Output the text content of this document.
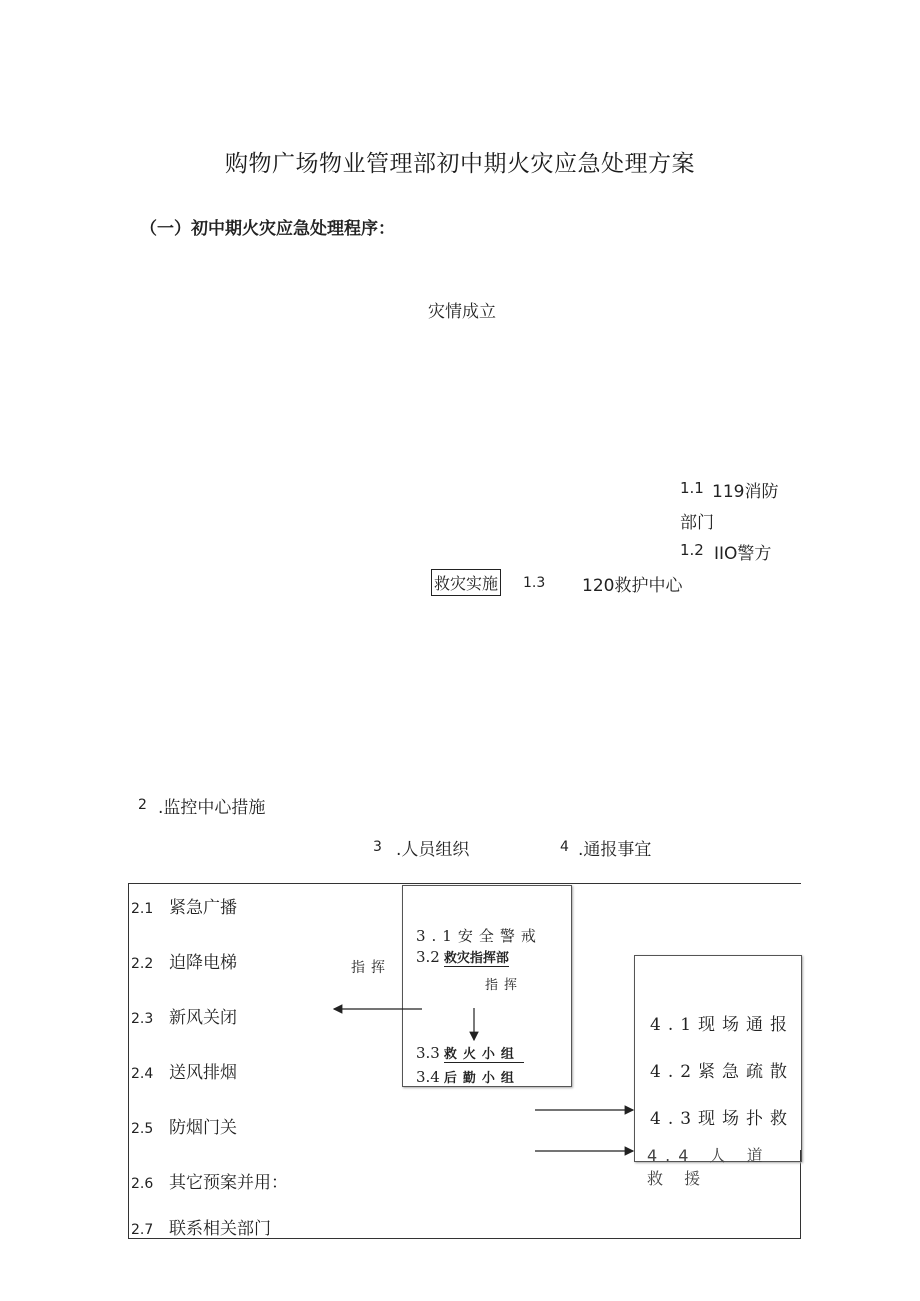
购物广场物业管理部初中期火灾应急处理方案
（一）初中期火灾应急处理程序：
灾情成立
1.1 119消防
部门
1.2 IIO警方
救灾实施 1.3 120救护中心
2 .监控中心措施
3 .人员组织	4 .通报事宜
2.1 紧急广播
2.2 迫降电梯
2.3 新风关闭
2.4 送风排烟
2.5 防烟门关
2.6 其它预案并用：
2.7 联系相关部门
指挥
3.1安全警戒
3.2 救灾指挥部
指挥
3.3 救火小组
3.4 后勤小组
4.4 人 道 救 援
4.1现场通报
4.2紧急疏散
4.3现场扑救
